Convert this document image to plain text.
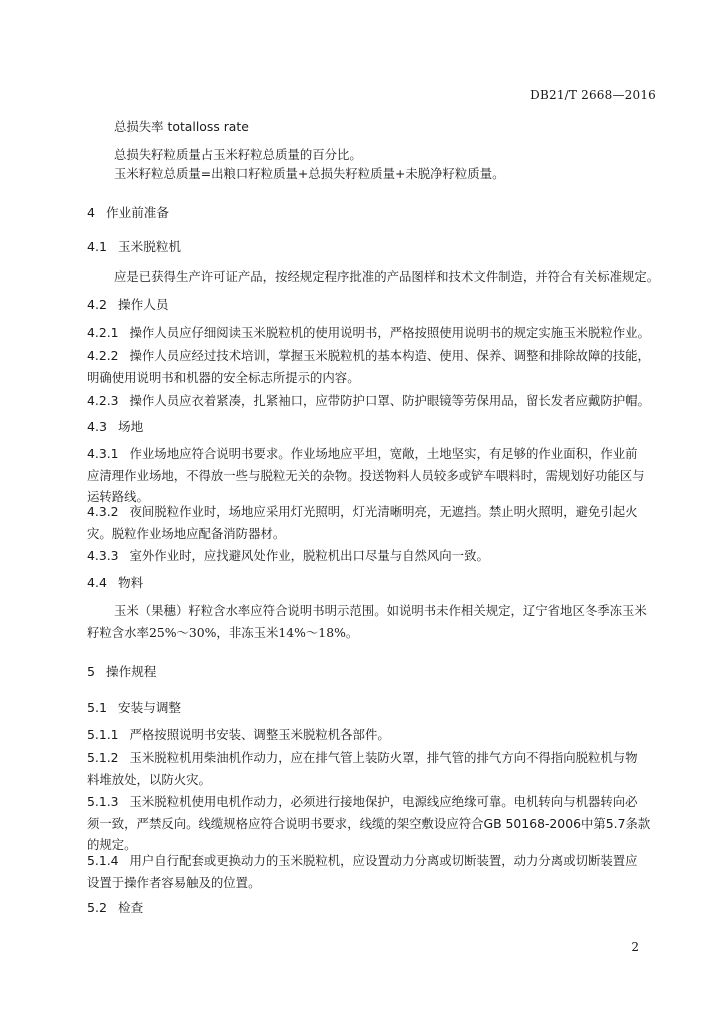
DB21/T 2668—2016
总损失率 totalloss rate
总损失籽粒质量占玉米籽粒总质量的百分比。
玉米籽粒总质量=出粮口籽粒质量+总损失籽粒质量+未脱净籽粒质量。
4 作业前准备
4.1 玉米脱粒机
应是已获得生产许可证产品，按经规定程序批准的产品图样和技术文件制造，并符合有关标准规定。
4.2 操作人员
4.2.1 操作人员应仔细阅读玉米脱粒机的使用说明书，严格按照使用说明书的规定实施玉米脱粒作业。
4.2.2 操作人员应经过技术培训，掌握玉米脱粒机的基本构造、使用、保养、调整和排除故障的技能，
明确使用说明书和机器的安全标志所提示的内容。
4.2.3 操作人员应衣着紧凑，扎紧袖口，应带防护口罩、防护眼镜等劳保用品，留长发者应戴防护帽。
4.3 场地
4.3.1 作业场地应符合说明书要求。作业场地应平坦，宽敞，土地坚实，有足够的作业面积，作业前
应清理作业场地，不得放一些与脱粒无关的杂物。投送物料人员较多或铲车喂料时，需规划好功能区与
运转路线。
4.3.2 夜间脱粒作业时，场地应采用灯光照明，灯光清晰明亮，无遮挡。禁止明火照明，避免引起火
灾。脱粒作业场地应配备消防器材。
4.3.3 室外作业时，应找避风处作业，脱粒机出口尽量与自然风向一致。
4.4 物料
玉米（果穗）籽粒含水率应符合说明书明示范围。如说明书未作相关规定，辽宁省地区冬季冻玉米
籽粒含水率25%～30%，非冻玉米14%～18%。
5 操作规程
5.1 安装与调整
5.1.1 严格按照说明书安装、调整玉米脱粒机各部件。
5.1.2 玉米脱粒机用柴油机作动力，应在排气管上装防火罩，排气管的排气方向不得指向脱粒机与物
料堆放处，以防火灾。
5.1.3 玉米脱粒机使用电机作动力，必须进行接地保护，电源线应绝缘可靠。电机转向与机器转向必
须一致，严禁反向。线缆规格应符合说明书要求，线缆的架空敷设应符合GB 50168-2006中第5.7条款
的规定。
5.1.4 用户自行配套或更换动力的玉米脱粒机，应设置动力分离或切断装置，动力分离或切断装置应
设置于操作者容易触及的位置。
5.2 检查
2
